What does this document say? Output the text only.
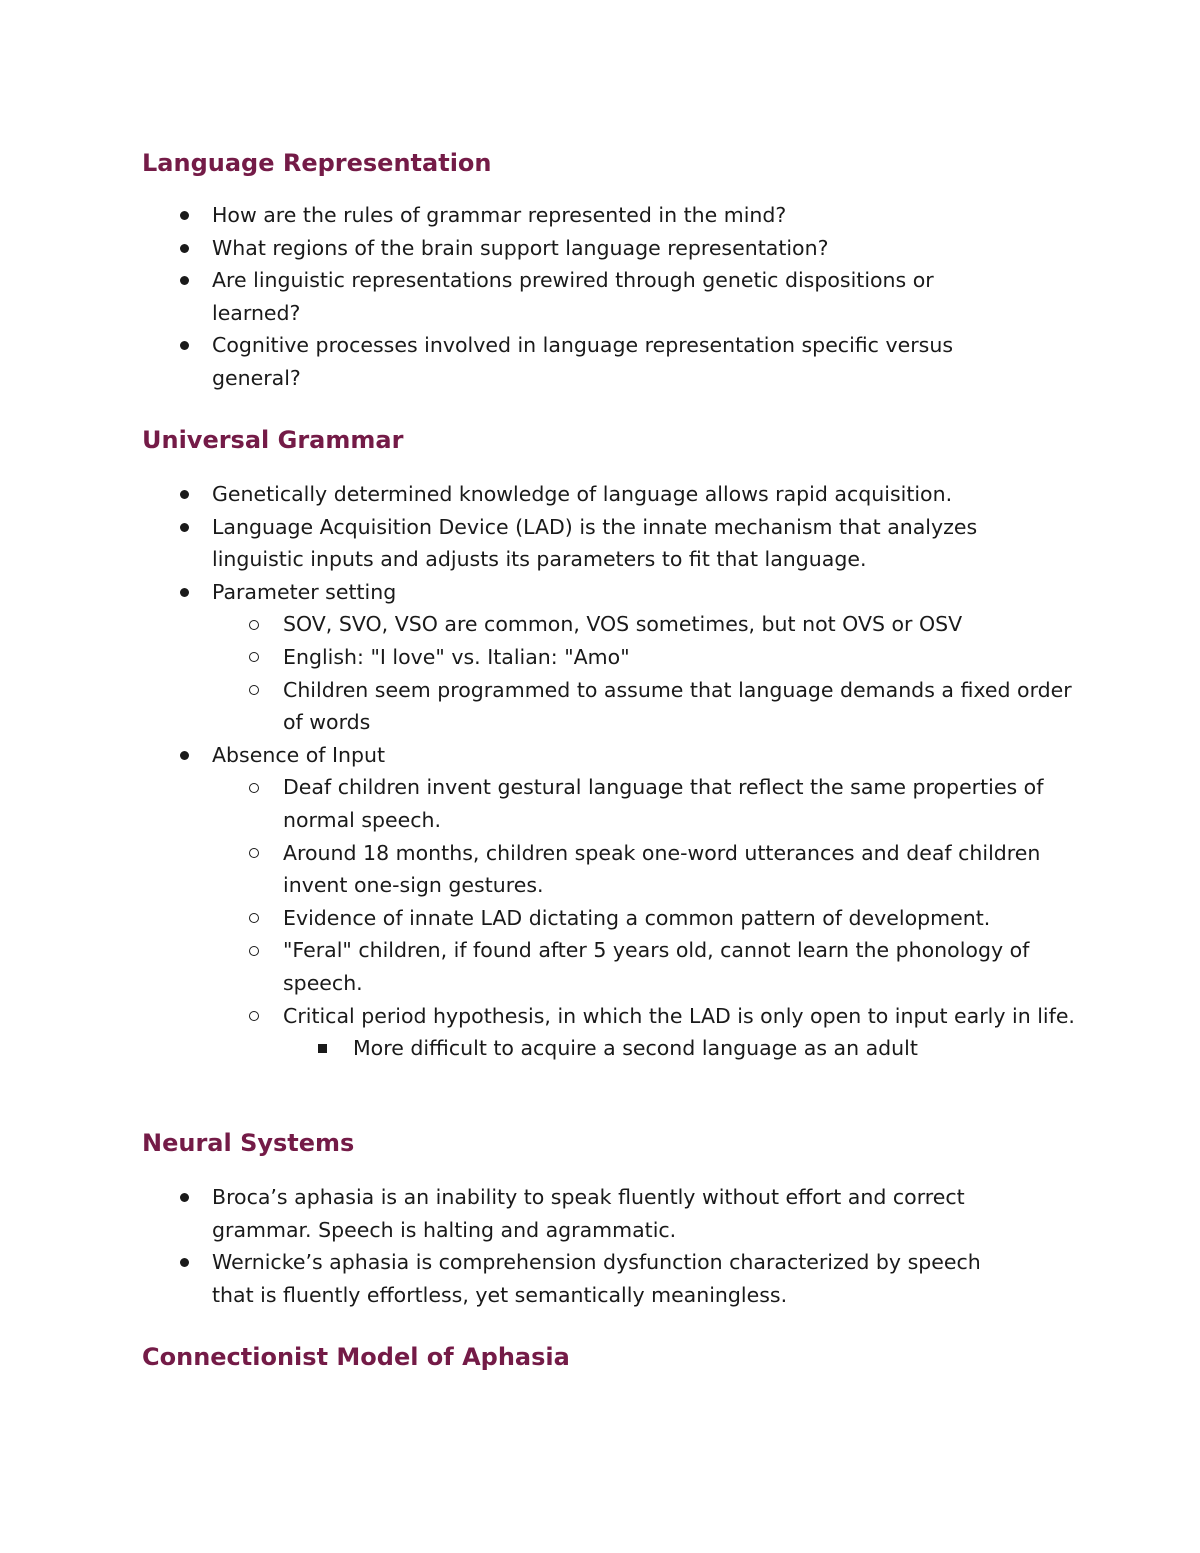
Language Representation
How are the rules of grammar represented in the mind?
What regions of the brain support language representation?
Are linguistic representations prewired through genetic dispositions or learned?
Cognitive processes involved in language representation specific versus general?
Universal Grammar
Genetically determined knowledge of language allows rapid acquisition.
Language Acquisition Device (LAD) is the innate mechanism that analyzes linguistic inputs and adjusts its parameters to fit that language.
Parameter setting
SOV, SVO, VSO are common, VOS sometimes, but not OVS or OSV
English: "I love" vs. Italian: "Amo"
Children seem programmed to assume that language demands a fixed order of words
Absence of Input
Deaf children invent gestural language that reflect the same properties of normal speech.
Around 18 months, children speak one-word utterances and deaf children invent one-sign gestures.
Evidence of innate LAD dictating a common pattern of development.
"Feral" children, if found after 5 years old, cannot learn the phonology of speech.
Critical period hypothesis, in which the LAD is only open to input early in life.
More difficult to acquire a second language as an adult
Neural Systems
Broca’s aphasia is an inability to speak fluently without effort and correct grammar. Speech is halting and agrammatic.
Wernicke’s aphasia is comprehension dysfunction characterized by speech that is fluently effortless, yet semantically meaningless.
Connectionist Model of Aphasia
